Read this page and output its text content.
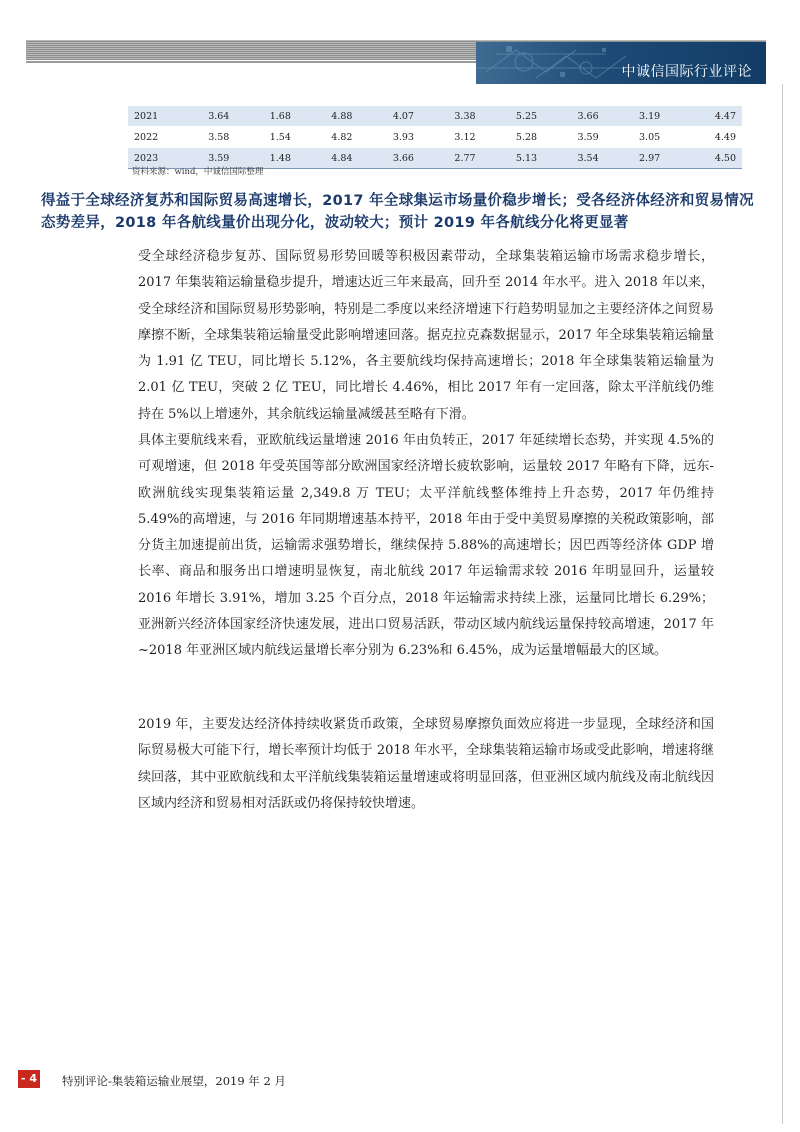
中诚信国际行业评论
2021	3.64	1.68	4.88	4.07	3.38	5.25	3.66	3.19	4.47
2022	3.58	1.54	4.82	3.93	3.12	5.28	3.59	3.05	4.49
2023	3.59	1.48	4.84	3.66	2.77	5.13	3.54	2.97	4.50
资料来源：wind，中诚信国际整理
得益于全球经济复苏和国际贸易高速增长，2017 年全球集运市场量价稳步增长；受各经济体经济和贸易情况态势差异，2018 年各航线量价出现分化，波动较大；预计 2019 年各航线分化将更显著

受全球经济稳步复苏、国际贸易形势回暖等积极因素带动，全球集装箱运输市场需求稳步增长，2017 年集装箱运输量稳步提升，增速达近三年来最高，回升至 2014 年水平。进入 2018 年以来，受全球经济和国际贸易形势影响，特别是二季度以来经济增速下行趋势明显加之主要经济体之间贸易摩擦不断，全球集装箱运输量受此影响增速回落。据克拉克森数据显示，2017 年全球集装箱运输量为 1.91 亿 TEU，同比增长 5.12%，各主要航线均保持高速增长；2018 年全球集装箱运输量为 2.01 亿 TEU，突破 2 亿 TEU，同比增长 4.46%，相比 2017 年有一定回落，除太平洋航线仍维持在 5%以上增速外，其余航线运输量减缓甚至略有下滑。

具体主要航线来看，亚欧航线运量增速 2016 年由负转正，2017 年延续增长态势，并实现 4.5%的可观增速，但 2018 年受英国等部分欧洲国家经济增长疲软影响，运量较 2017 年略有下降，远东-欧洲航线实现集装箱运量 2,349.8 万 TEU；太平洋航线整体维持上升态势，2017 年仍维持 5.49%的高增速，与 2016 年同期增速基本持平，2018 年由于受中美贸易摩擦的关税政策影响，部分货主加速提前出货，运输需求强势增长，继续保持 5.88%的高速增长；因巴西等经济体 GDP 增长率、商品和服务出口增速明显恢复，南北航线 2017 年运输需求较 2016 年明显回升，运量较 2016 年增长 3.91%，增加 3.25 个百分点，2018 年运输需求持续上涨，运量同比增长 6.29%；亚洲新兴经济体国家经济快速发展，进出口贸易活跃，带动区域内航线运量保持较高增速，2017 年~2018 年亚洲区域内航线运量增长率分别为 6.23%和 6.45%，成为运量增幅最大的区域。

2019 年，主要发达经济体持续收紧货币政策，全球贸易摩擦负面效应将进一步显现，全球经济和国际贸易极大可能下行，增长率预计均低于 2018 年水平，全球集装箱运输市场或受此影响，增速将继续回落，其中亚欧航线和太平洋航线集装箱运量增速或将明显回落，但亚洲区域内航线及南北航线因区域内经济和贸易相对活跃或仍将保持较快增速。

- 4 -
特别评论-集装箱运输业展望，2019 年 2 月
